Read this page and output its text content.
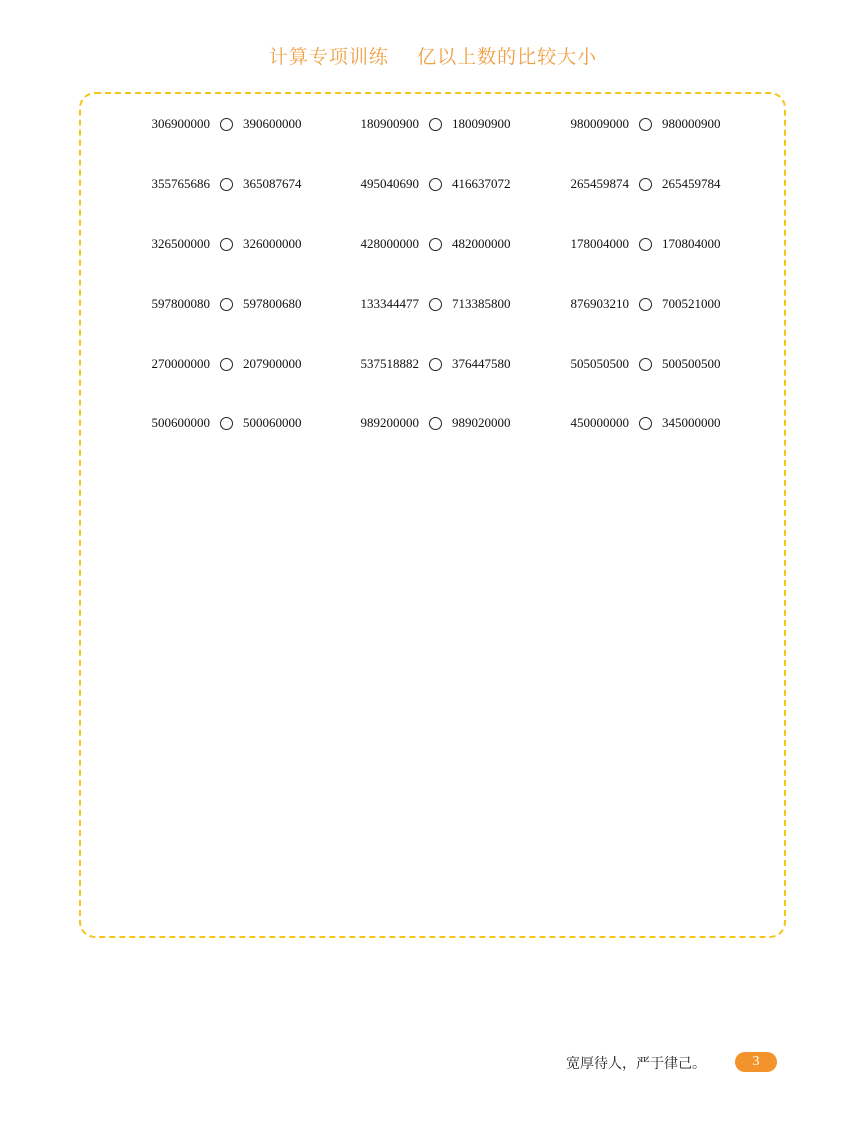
计算专项训练    亿以上数的比较大小
306900000	390600000	180900900	180090900	980009000	980000900
355765686	365087674	495040690	416637072	265459874	265459784
326500000	326000000	428000000	482000000	178004000	170804000
597800080	597800680	133344477	713385800	876903210	700521000
270000000	207900000	537518882	376447580	505050500	500500500
500600000	500060000	989200000	989020000	450000000	345000000
宽厚待人，严于律己。	3
